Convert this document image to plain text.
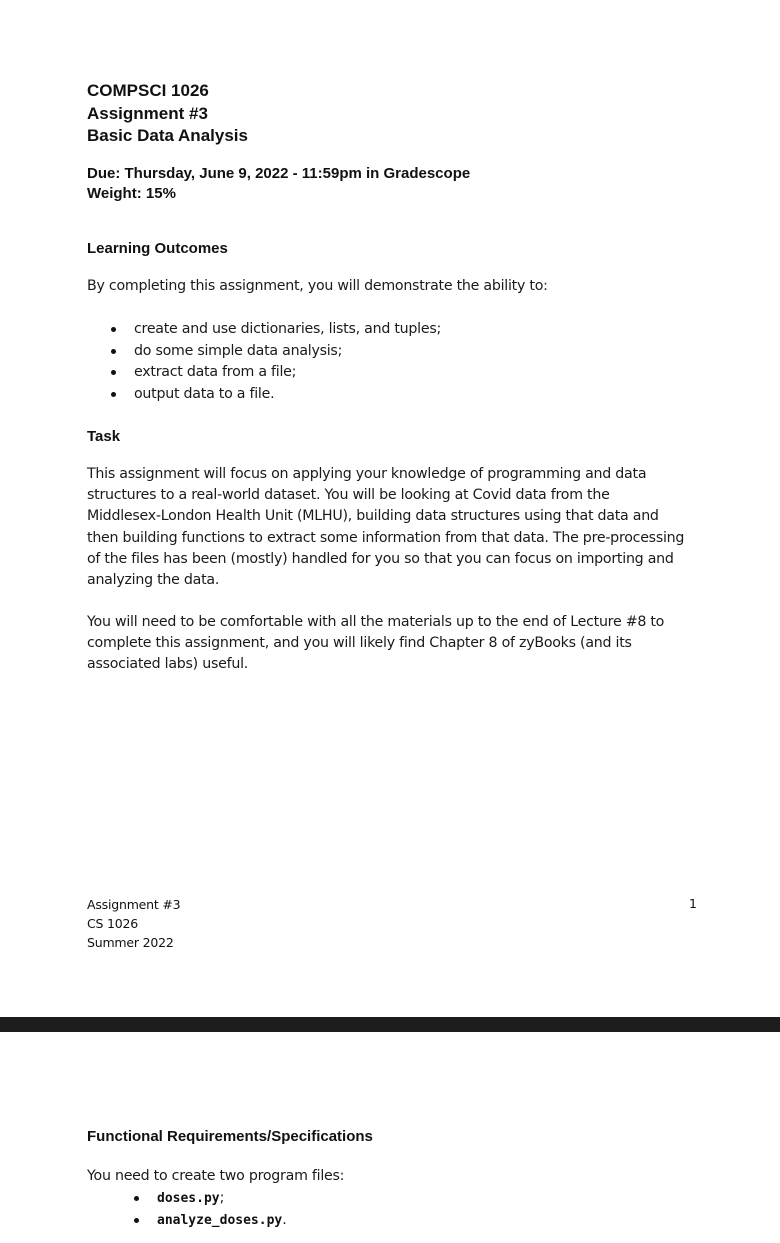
COMPSCI 1026
Assignment #3
Basic Data Analysis
Due: Thursday, June 9, 2022 - 11:59pm in Gradescope
Weight: 15%
Learning Outcomes
By completing this assignment, you will demonstrate the ability to:
create and use dictionaries, lists, and tuples;
do some simple data analysis;
extract data from a file;
output data to a file.
Task
This assignment will focus on applying your knowledge of programming and data
structures to a real-world dataset. You will be looking at Covid data from the
Middlesex-London Health Unit (MLHU), building data structures using that data and
then building functions to extract some information from that data. The pre-processing
of the files has been (mostly) handled for you so that you can focus on importing and
analyzing the data.
You will need to be comfortable with all the materials up to the end of Lecture #8 to
complete this assignment, and you will likely find Chapter 8 of zyBooks (and its
associated labs) useful.
Assignment #3
CS 1026
Summer 2022
1
Functional Requirements/Specifications
You need to create two program files:
doses.py;
analyze_doses.py.
